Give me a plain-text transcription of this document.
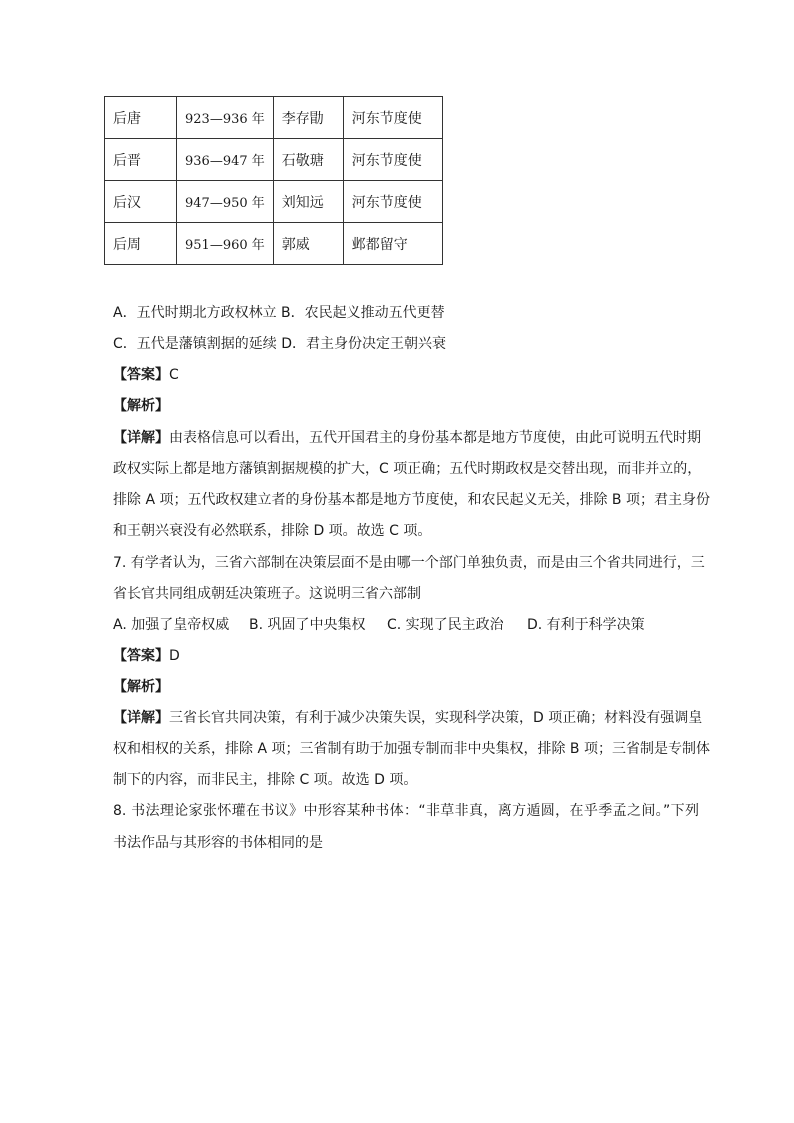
后唐	923—936 年	李存勖	河东节度使
后晋	936—947 年	石敬瑭	河东节度使
后汉	947—950 年	刘知远	河东节度使
后周	951—960 年	郭威	邺都留守
A．五代时期北方政权林立 B．农民起义推动五代更替
C．五代是藩镇割据的延续 D．君主身份决定王朝兴衰
【答案】C
【解析】
【详解】由表格信息可以看出，五代开国君主的身份基本都是地方节度使，由此可说明五代时期
政权实际上都是地方藩镇割据规模的扩大，C 项正确；五代时期政权是交替出现，而非并立的，
排除 A 项；五代政权建立者的身份基本都是地方节度使，和农民起义无关，排除 B 项；君主身份
和王朝兴衰没有必然联系，排除 D 项。故选 C 项。
7. 有学者认为，三省六部制在决策层面不是由哪一个部门单独负责，而是由三个省共同进行，三
省长官共同组成朝廷决策班子。这说明三省六部制
A. 加强了皇帝权威 B. 巩固了中央集权 C. 实现了民主政治 D. 有利于科学决策
【答案】D
【解析】
【详解】三省长官共同决策，有利于减少决策失误，实现科学决策，D 项正确；材料没有强调皇
权和相权的关系，排除 A 项；三省制有助于加强专制而非中央集权，排除 B 项；三省制是专制体
制下的内容，而非民主，排除 C 项。故选 D 项。
8. 书法理论家张怀瓘在书议》中形容某种书体：“非草非真，离方遁圆，在乎季孟之间。”下列
书法作品与其形容的书体相同的是
